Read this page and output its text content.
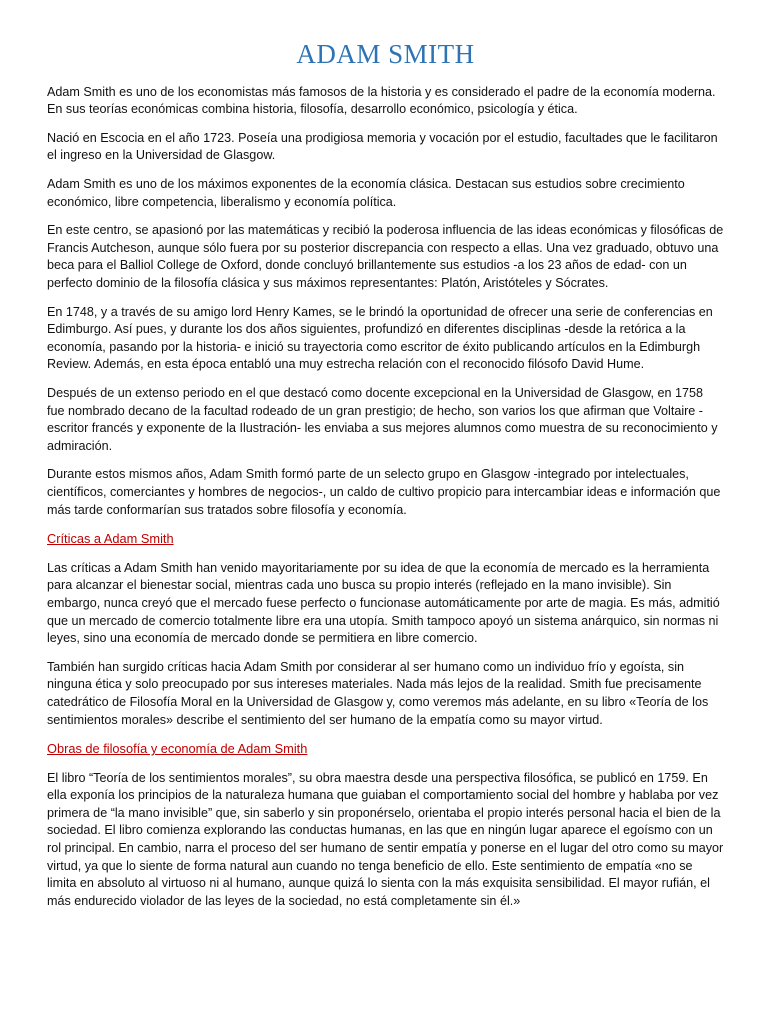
ADAM SMITH

Adam Smith es uno de los economistas más famosos de la historia y es considerado el padre de la economía moderna. En sus teorías económicas combina historia, filosofía, desarrollo económico, psicología y ética.

Nació en Escocia en el año 1723. Poseía una prodigiosa memoria y vocación por el estudio, facultades que le facilitaron el ingreso en la Universidad de Glasgow.

Adam Smith es uno de los máximos exponentes de la economía clásica. Destacan sus estudios sobre crecimiento económico, libre competencia, liberalismo y economía política.

En este centro, se apasionó por las matemáticas y recibió la poderosa influencia de las ideas económicas y filosóficas de Francis Autcheson, aunque sólo fuera por su posterior discrepancia con respecto a ellas. Una vez graduado, obtuvo una beca para el Balliol College de Oxford, donde concluyó brillantemente sus estudios -a los 23 años de edad- con un perfecto dominio de la filosofía clásica y sus máximos representantes: Platón, Aristóteles y Sócrates.

En 1748, y a través de su amigo lord Henry Kames, se le brindó la oportunidad de ofrecer una serie de conferencias en Edimburgo. Así pues, y durante los dos años siguientes, profundizó en diferentes disciplinas -desde la retórica a la economía, pasando por la historia- e inició su trayectoria como escritor de éxito publicando artículos en la Edimburgh Review. Además, en esta época entabló una muy estrecha relación con el reconocido filósofo David Hume.

Después de un extenso periodo en el que destacó como docente excepcional en la Universidad de Glasgow, en 1758 fue nombrado decano de la facultad rodeado de un gran prestigio; de hecho, son varios los que afirman que Voltaire -escritor francés y exponente de la Ilustración- les enviaba a sus mejores alumnos como muestra de su reconocimiento y admiración.

Durante estos mismos años, Adam Smith formó parte de un selecto grupo en Glasgow -integrado por intelectuales, científicos, comerciantes y hombres de negocios-, un caldo de cultivo propicio para intercambiar ideas e información que más tarde conformarían sus tratados sobre filosofía y economía.

Críticas a Adam Smith

Las críticas a Adam Smith han venido mayoritariamente por su idea de que la economía de mercado es la herramienta para alcanzar el bienestar social, mientras cada uno busca su propio interés (reflejado en la mano invisible). Sin embargo, nunca creyó que el mercado fuese perfecto o funcionase automáticamente por arte de magia. Es más, admitió que un mercado de comercio totalmente libre era una utopía. Smith tampoco apoyó un sistema anárquico, sin normas ni leyes, sino una economía de mercado donde se permitiera en libre comercio.

También han surgido críticas hacia Adam Smith por considerar al ser humano como un individuo frío y egoísta, sin ninguna ética y solo preocupado por sus intereses materiales. Nada más lejos de la realidad. Smith fue precisamente catedrático de Filosofía Moral en la Universidad de Glasgow y, como veremos más adelante, en su libro «Teoría de los sentimientos morales» describe el sentimiento del ser humano de la empatía como su mayor virtud.

Obras de filosofía y economía de Adam Smith

El libro “Teoría de los sentimientos morales”, su obra maestra desde una perspectiva filosófica, se publicó en 1759. En ella exponía los principios de la naturaleza humana que guiaban el comportamiento social del hombre y hablaba por vez primera de “la mano invisible” que, sin saberlo y sin proponérselo, orientaba el propio interés personal hacia el bien de la sociedad. El libro comienza explorando las conductas humanas, en las que en ningún lugar aparece el egoísmo con un rol principal. En cambio, narra el proceso del ser humano de sentir empatía y ponerse en el lugar del otro como su mayor virtud, ya que lo siente de forma natural aun cuando no tenga beneficio de ello. Este sentimiento de empatía «no se limita en absoluto al virtuoso ni al humano, aunque quizá lo sienta con la más exquisita sensibilidad. El mayor rufián, el más endurecido violador de las leyes de la sociedad, no está completamente sin él.»
